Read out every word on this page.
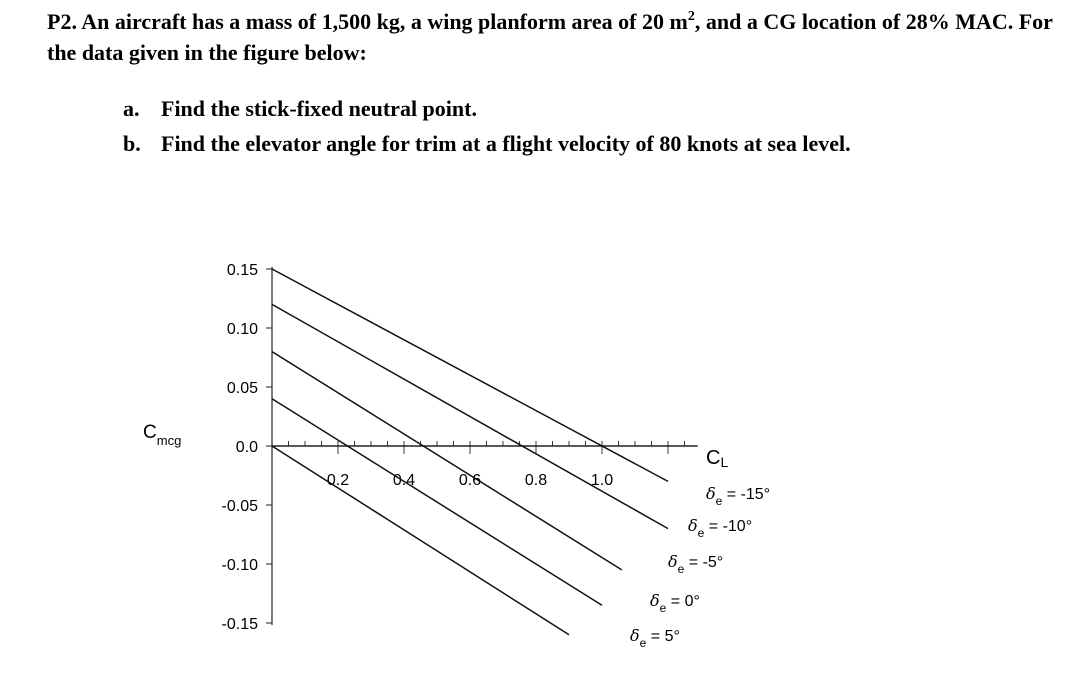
P2. An aircraft has a mass of 1,500 kg, a wing planform area of 20 $m^2$, and a CG location of 28% MAC. For the data given in the figure below:
a. Find the stick-fixed neutral point.
b. Find the elevator angle for trim at a flight velocity of 80 knots at sea level.
0.15
0.10
0.05
0.0
-0.05
-0.10
-0.15
0.2	0.4	0.6	0.8	1.0
$\delta_e = -15^\circ$
$\delta_e = -10^\circ$
$\delta_e = -5^\circ$
$\delta_e = 0^\circ$
$\delta_e = 5^\circ$
$C_{mcg}$
CL
